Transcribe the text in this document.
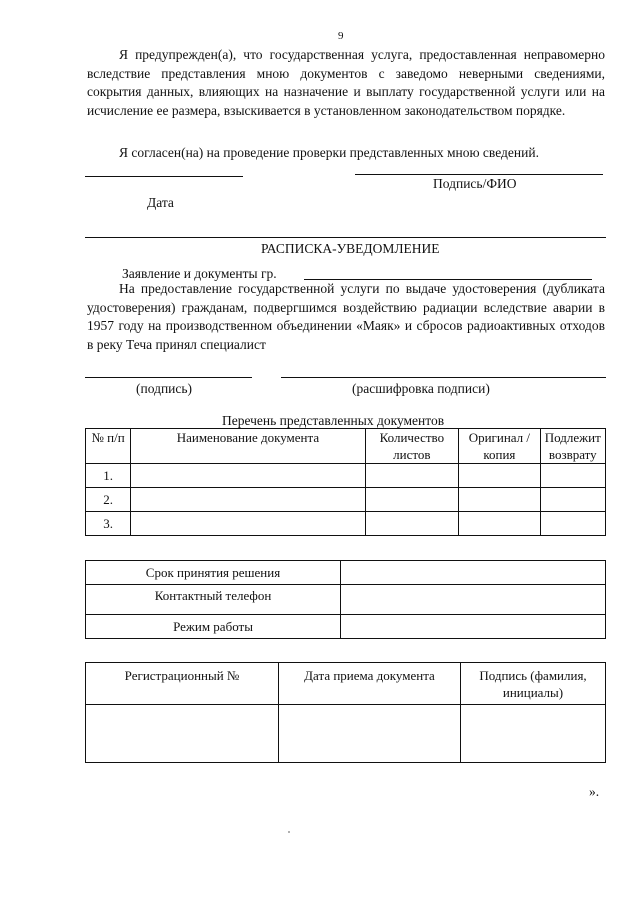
9
Я предупрежден(а), что государственная услуга, предоставленная неправомерно вследствие представления мною документов с заведомо неверными сведениями, сокрытия данных, влияющих на назначение и выплату государственной услуги или на исчисление ее размера, взыскивается в установленном законодательством порядке.
Я согласен(на) на проведение проверки представленных мною сведений.
Подпись/ФИО
Дата
РАСПИСКА-УВЕДОМЛЕНИЕ
Заявление и документы гр.
На предоставление государственной услуги по выдаче удостоверения (дубликата удостоверения) гражданам, подвергшимся воздействию радиации вследствие аварии в 1957 году на производственном объединении «Маяк» и сбросов радиоактивных отходов в реку Теча принял специалист
(подпись)	(расшифровка подписи)
Перечень представленных документов
№ п/п	Наименование документа	Количество листов	Оригинал /копия	Подлежит возврату
1.				
2.				
3.				
Срок принятия решения	
Контактный телефон	
Режим работы	
Регистрационный №	Дата приема документа	Подпись (фамилия, инициалы)

».
